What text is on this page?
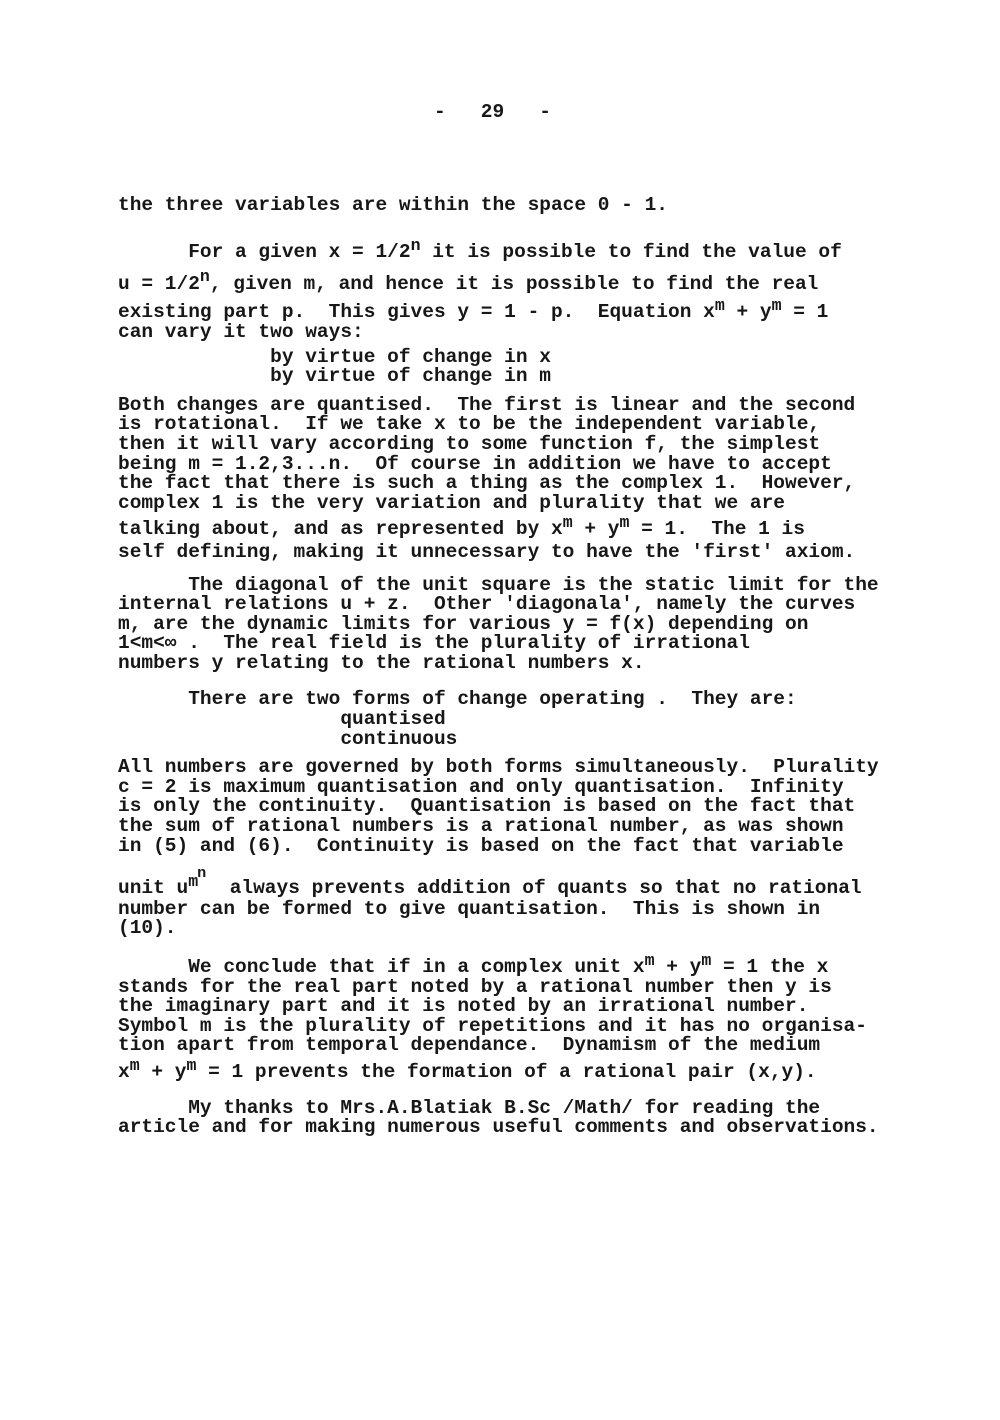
-   29   -
the three variables are within the space 0 - 1.
For a given $x = 1/2^n$ it is possible to find the value of
$u = 1/2^n$, given m, and hence it is possible to find the real
existing part p.  This gives y = 1 - p.  Equation $x^m + y^m = 1$
can vary it two ways:
by virtue of change in x
by virtue of change in m
Both changes are quantised.  The first is linear and the second
is rotational.  If we take x to be the independent variable,
then it will vary according to some function f, the simplest
being m = 1.2,3...n.  Of course in addition we have to accept
the fact that there is such a thing as the complex 1.  However,
complex 1 is the very variation and plurality that we are
talking about, and as represented by $x^m + y^m = 1$.  The 1 is
self defining, making it unnecessary to have the 'first' axiom.
The diagonal of the unit square is the static limit for the
internal relations u + z.  Other 'diagonala', namely the curves
m, are the dynamic limits for various y = f(x) depending on
1<m<∞ .  The real field is the plurality of irrational
numbers y relating to the rational numbers x.
There are two forms of change operating .  They are:
quantised
continuous
All numbers are governed by both forms simultaneously.  Plurality
c = 2 is maximum quantisation and only quantisation.  Infinity
is only the continuity.  Quantisation is based on the fact that
the sum of rational numbers is a rational number, as was shown
in (5) and (6).  Continuity is based on the fact that variable
unit $u^{mn}$  always prevents addition of quants so that no rational
number can be formed to give quantisation.  This is shown in
(10).
We conclude that if in a complex unit $x^m + y^m = 1$ the x
stands for the real part noted by a rational number then y is
the imaginary part and it is noted by an irrational number.
Symbol m is the plurality of repetitions and it has no organisa-
tion apart from temporal dependance.  Dynamism of the medium
$x^m + y^m = 1$ prevents the formation of a rational pair (x,y).
My thanks to Mrs.A.Blatiak B.Sc /Math/ for reading the
article and for making numerous useful comments and observations.
